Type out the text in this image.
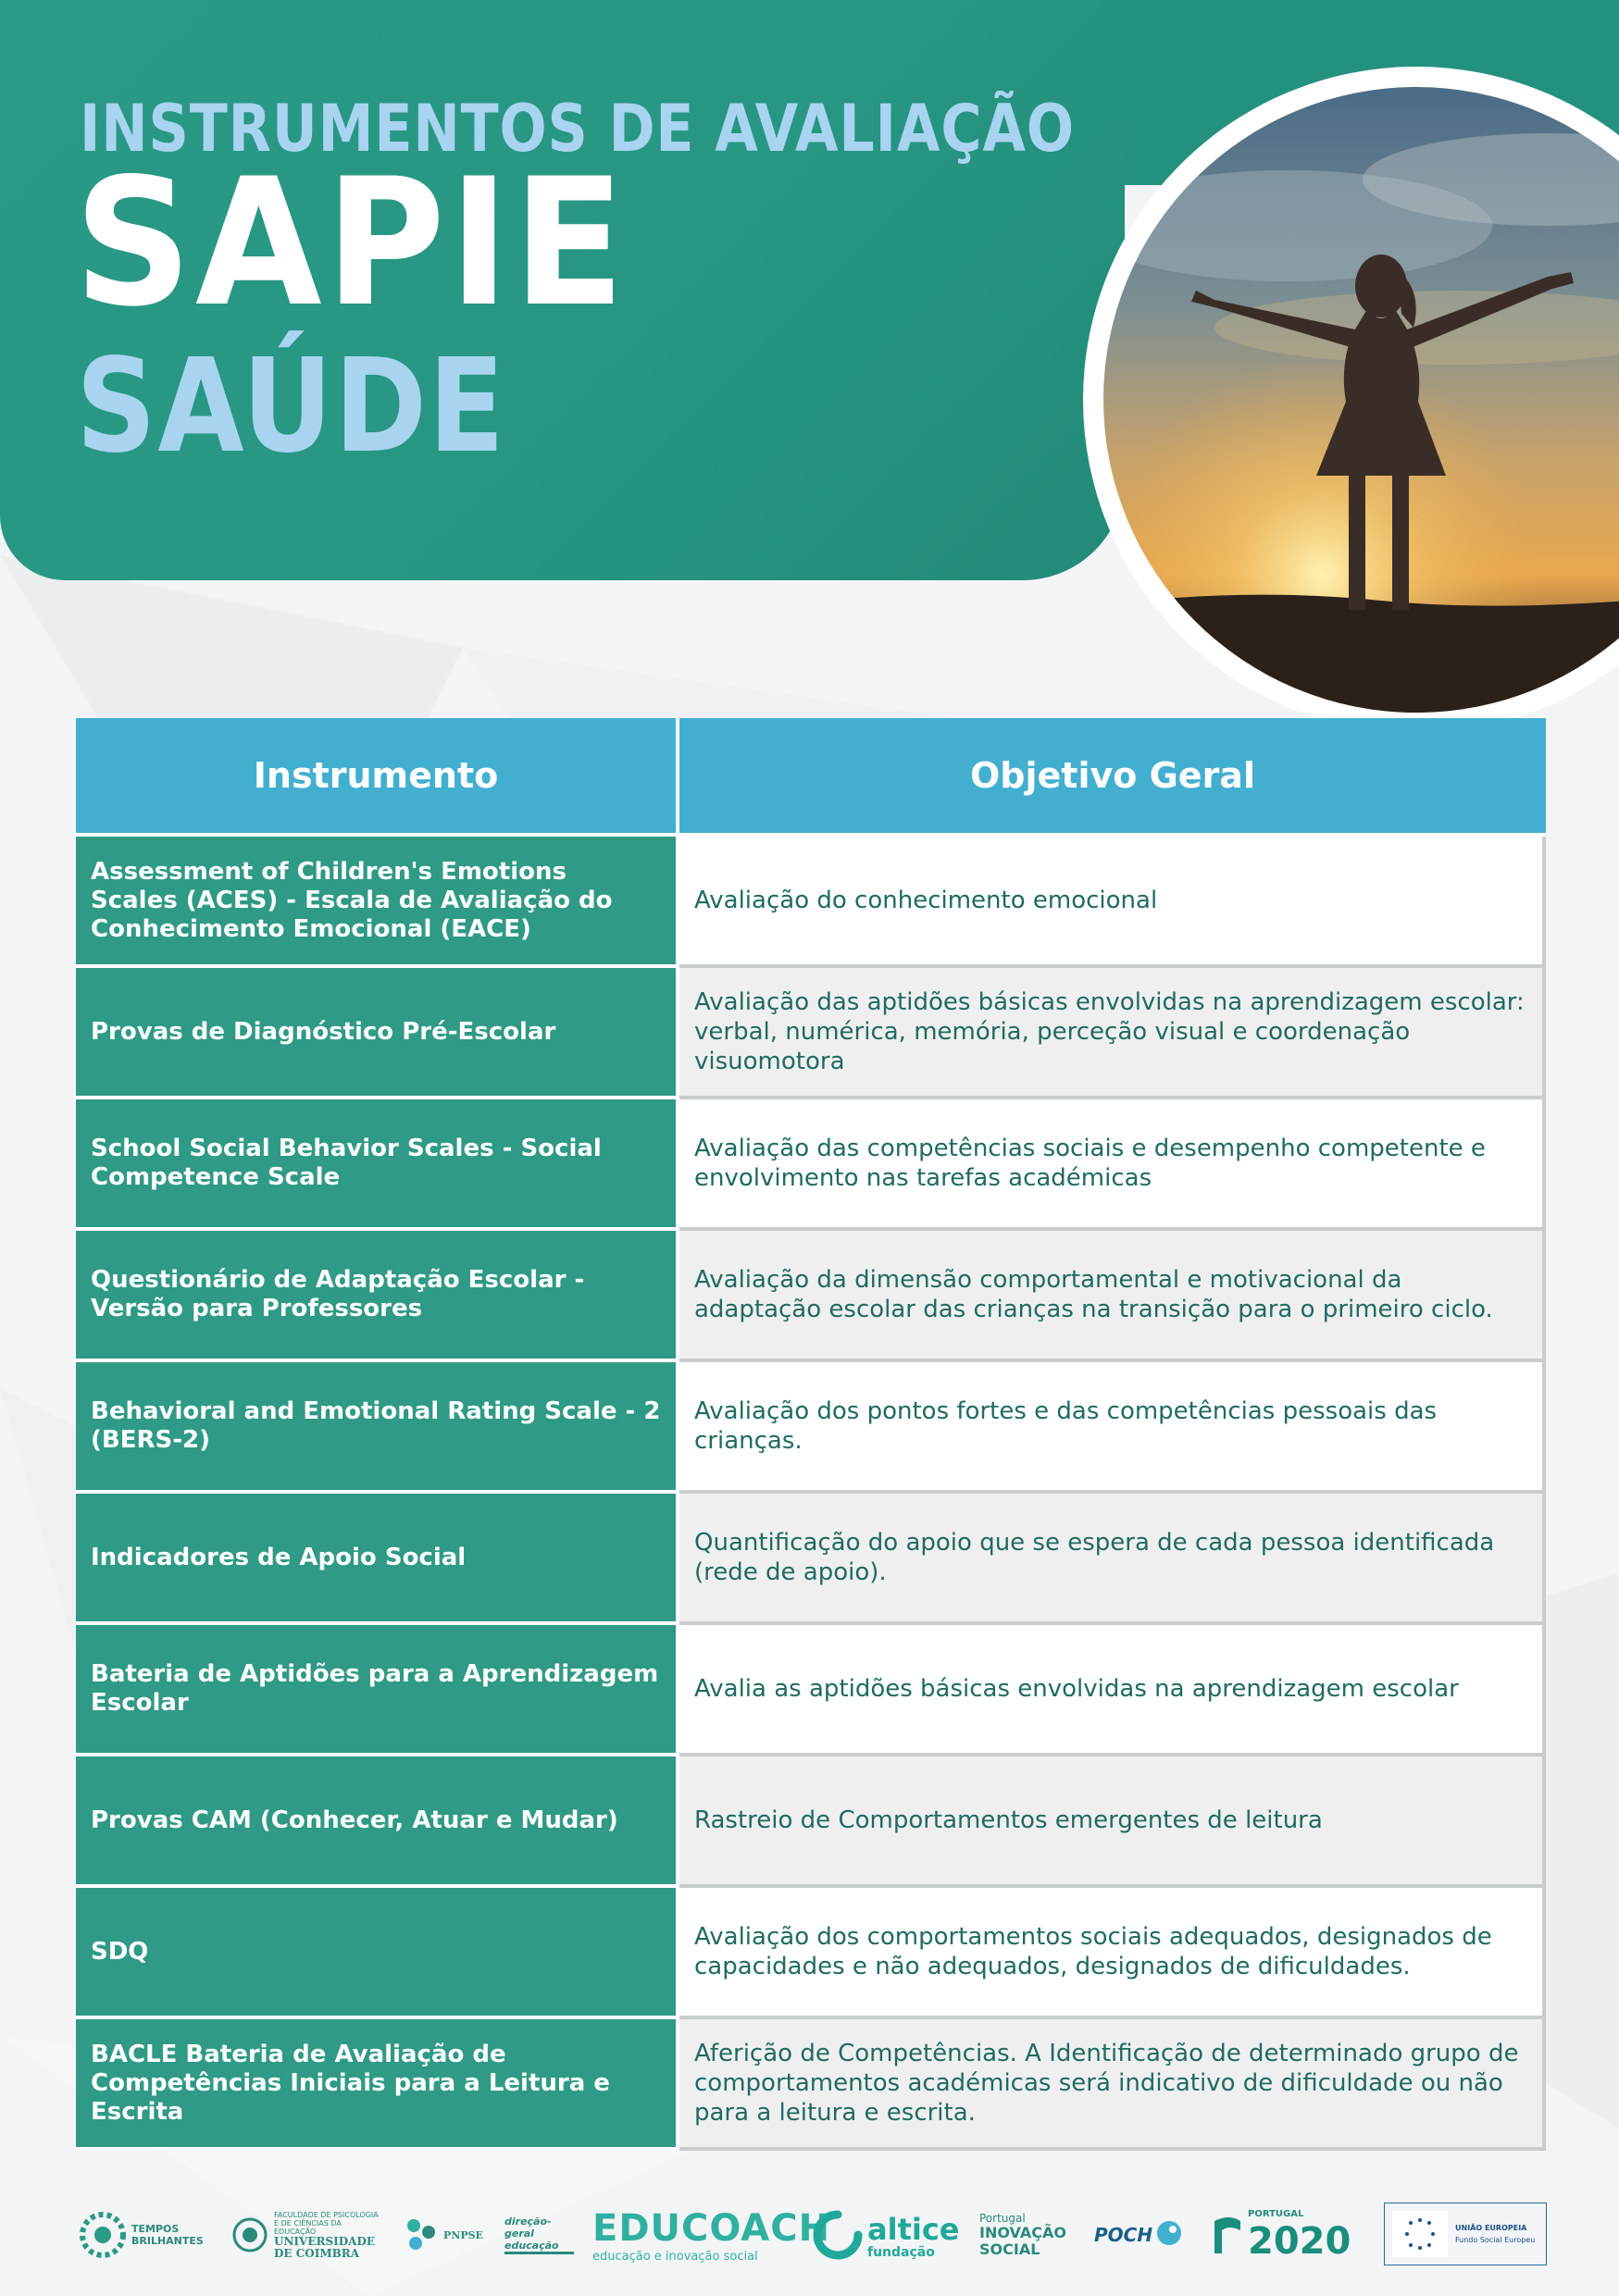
INSTRUMENTOS DE AVALIAÇÃO
SAPIE
SAÚDE
Instrumento	Objetivo Geral
Assessment of Children's Emotions Scales (ACES) - Escala de Avaliação do Conhecimento Emocional (EACE)	Avaliação do conhecimento emocional
Provas de Diagnóstico Pré-Escolar	Avaliação das aptidões básicas envolvidas na aprendizagem escolar: verbal, numérica, memória, perceção visual e coordenação visuomotora
School Social Behavior Scales - Social Competence Scale	Avaliação das competências sociais e desempenho competente e envolvimento nas tarefas académicas
Questionário de Adaptação Escolar - Versão para Professores	Avaliação da dimensão comportamental e motivacional da adaptação escolar das crianças na transição para o primeiro ciclo.
Behavioral and Emotional Rating Scale - 2 (BERS-2)	Avaliação dos pontos fortes e das competências pessoais das crianças.
Indicadores de Apoio Social	Quantificação do apoio que se espera de cada pessoa identificada (rede de apoio).
Bateria de Aptidões para a Aprendizagem Escolar	Avalia as aptidões básicas envolvidas na aprendizagem escolar
Provas CAM (Conhecer, Atuar e Mudar)	Rastreio de Comportamentos emergentes de leitura
SDQ	Avaliação dos comportamentos sociais adequados, designados de capacidades e não adequados, designados de dificuldades.
BACLE Bateria de Avaliação de Competências Iniciais para a Leitura e Escrita	Aferição de Competências. A Identificação de determinado grupo de comportamentos académicas será indicativo de dificuldade ou não para a leitura e escrita.
TEMPOS BRILHANTES
FACULDADE DE PSICOLOGIA E DE CIÊNCIAS DA EDUCAÇÃO
UNIVERSIDADE DE COIMBRA
PNPSE
direção-geral educação EDUCOACH
educação e inovação social
altice
fundação
Portugal
INOVAÇÃO SOCIAL
POCH
PORTUGAL
2020	UNIÃO EUROPEIA
Fundo Social Europeu
